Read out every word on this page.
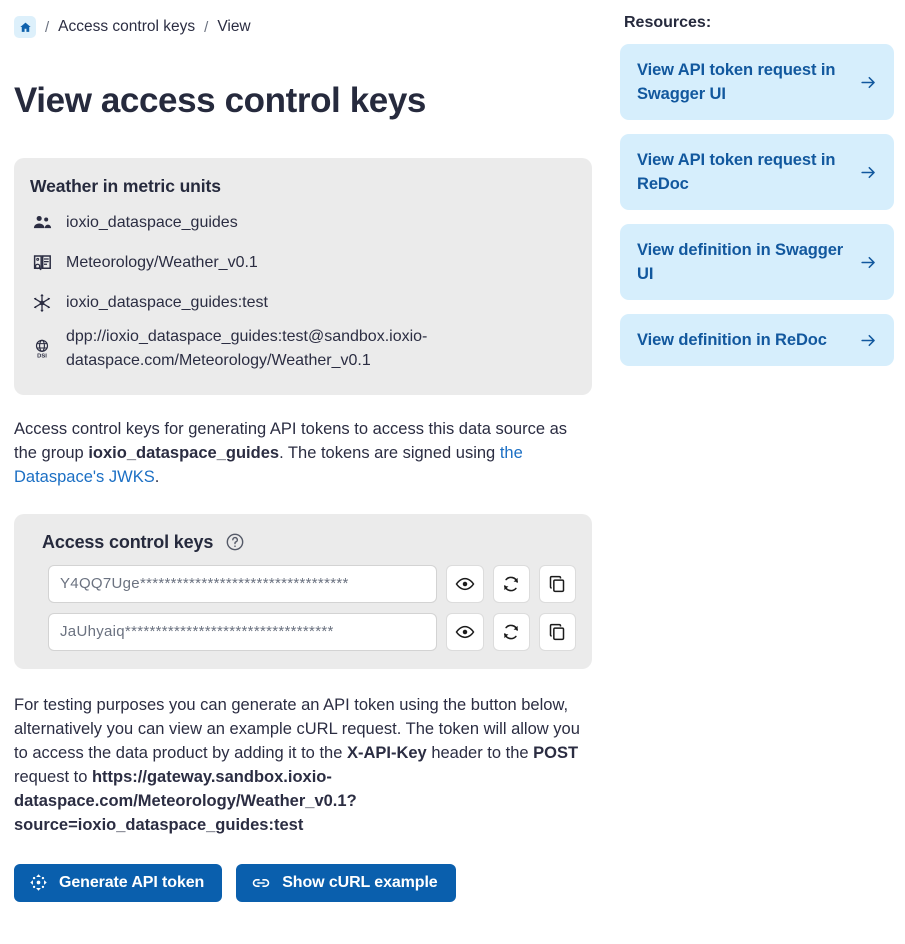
/ Access control keys / View
View access control keys
Weather in metric units
ioxio_dataspace_guides
Meteorology/Weather_v0.1
ioxio_dataspace_guides:test
DSI
dpp://ioxio_dataspace_guides:test@sandbox.ioxio-dataspace.com/Meteorology/Weather_v0.1

Access control keys for generating API tokens to access this data source as the group ioxio_dataspace_guides. The tokens are signed using the Dataspace's JWKS.

Access control keys
Y4QQ7Uge**********************************
JaUhyaiq**********************************

For testing purposes you can generate an API token using the button below, alternatively you can view an example cURL request. The token will allow you to access the data product by adding it to the X-API-Key header to the POST request to https://gateway.sandbox.ioxio-dataspace.com/Meteorology/Weather_v0.1?source=ioxio_dataspace_guides:test

Generate API token	Show cURL example
Resources:
View API token request in Swagger UI
View API token request in ReDoc
View definition in Swagger UI
View definition in ReDoc
